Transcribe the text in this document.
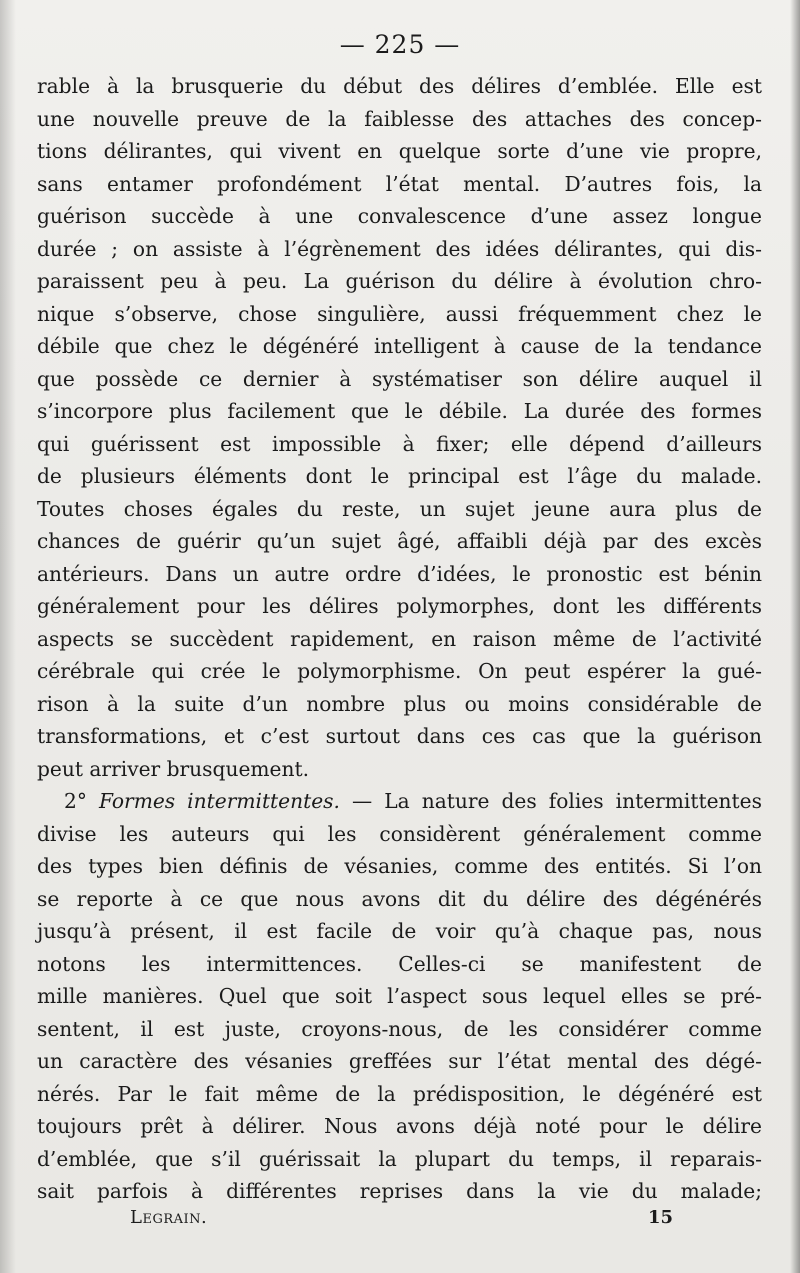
— 225 —
rable à la brusquerie du début des délires d’emblée. Elle est
une nouvelle preuve de la faiblesse des attaches des concep-
tions délirantes, qui vivent en quelque sorte d’une vie propre,
sans entamer profondément l’état mental. D’autres fois, la
guérison succède à une convalescence d’une assez longue
durée ; on assiste à l’égrènement des idées délirantes, qui dis-
paraissent peu à peu. La guérison du délire à évolution chro-
nique s’observe, chose singulière, aussi fréquemment chez le
débile que chez le dégénéré intelligent à cause de la tendance
que possède ce dernier à systématiser son délire auquel il
s’incorpore plus facilement que le débile. La durée des formes
qui guérissent est impossible à fixer; elle dépend d’ailleurs
de plusieurs éléments dont le principal est l’âge du malade.
Toutes choses égales du reste, un sujet jeune aura plus de
chances de guérir qu’un sujet âgé, affaibli déjà par des excès
antérieurs. Dans un autre ordre d’idées, le pronostic est bénin
généralement pour les délires polymorphes, dont les différents
aspects se succèdent rapidement, en raison même de l’activité
cérébrale qui crée le polymorphisme. On peut espérer la gué-
rison à la suite d’un nombre plus ou moins considérable de
transformations, et c’est surtout dans ces cas que la guérison
peut arriver brusquement.
2° Formes intermittentes. — La nature des folies intermittentes
divise les auteurs qui les considèrent généralement comme
des types bien définis de vésanies, comme des entités. Si l’on
se reporte à ce que nous avons dit du délire des dégénérés
jusqu’à présent, il est facile de voir qu’à chaque pas, nous
notons les intermittences. Celles-ci se manifestent de
mille manières. Quel que soit l’aspect sous lequel elles se pré-
sentent, il est juste, croyons-nous, de les considérer comme
un caractère des vésanies greffées sur l’état mental des dégé-
nérés. Par le fait même de la prédisposition, le dégénéré est
toujours prêt à délirer. Nous avons déjà noté pour le délire
d’emblée, que s’il guérissait la plupart du temps, il reparais-
sait parfois à différentes reprises dans la vie du malade;
Legrain.	15
